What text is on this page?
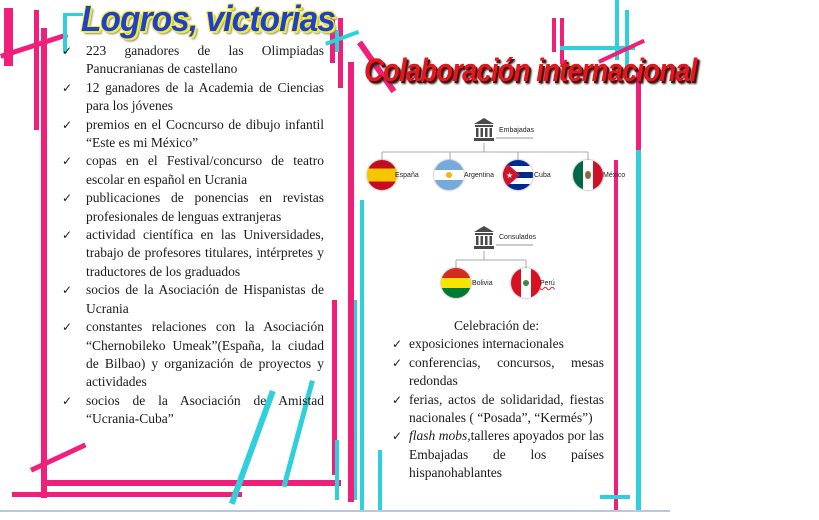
Logros, victorias
✓ 223 ganadores de las Olimpiadas Panucranianas de castellano
✓ 12 ganadores de la Academia de Ciencias para los jóvenes
✓ premios en el Cocncurso de dibujo infantil “Este es mi México”
✓ copas en el Festival/concurso de teatro escolar en español en Ucrania
✓ publicaciones de ponencias en revistas profesionales de lenguas extranjeras
✓ actividad científica en las Universidades, trabajo de profesores titulares, intérpretes y traductores de los graduados
✓ socios de la Asociación de Hispanistas de Ucrania
✓ constantes relaciones con la Asociación “Chernobileko Umeak”(España, la ciudad de Bilbao) y organización de proyectos y actividades
✓ socios de la Asociación de Amistad “Ucrania-Cuba”
Colaboración internacional
Embajadas
Consulados
España	Argentina ★	Cuba	México
Bolivia	Perú
Celebración de:
✓ exposiciones internacionales
✓ conferencias, concursos, mesas redondas
✓ ferias, actos de solidaridad, fiestas nacionales ( “Posada”, “Kermés”)
✓ flash mobs,talleres apoyados por las Embajadas de los países hispanohablantes
